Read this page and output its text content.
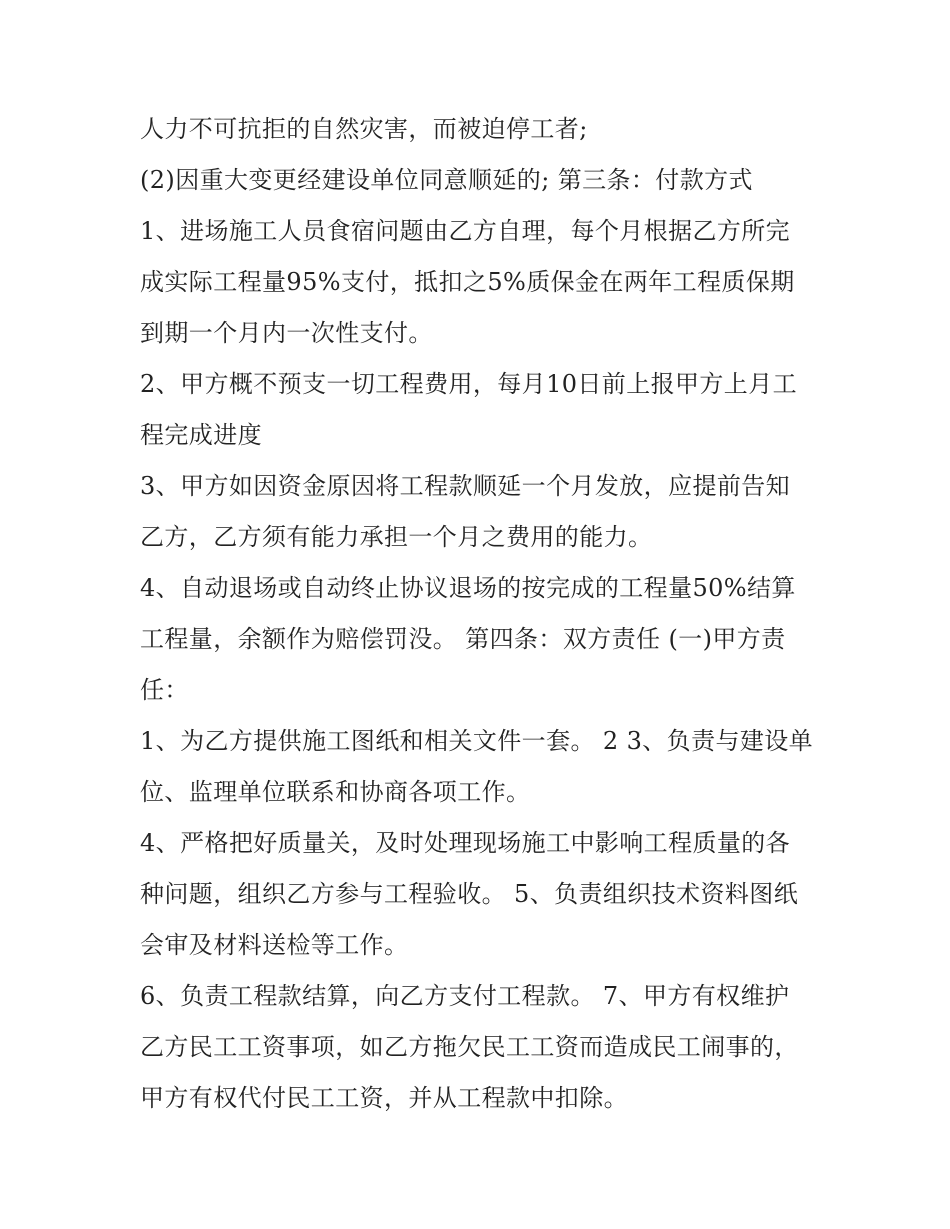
人力不可抗拒的自然灾害，而被迫停工者;

(2)因重大变更经建设单位同意顺延的; 第三条：付款方式

1、进场施工人员食宿问题由乙方自理，每个月根据乙方所完

成实际工程量95%支付，抵扣之5%质保金在两年工程质保期

到期一个月内一次性支付。

2、甲方概不预支一切工程费用，每月10日前上报甲方上月工

程完成进度

3、甲方如因资金原因将工程款顺延一个月发放，应提前告知

乙方，乙方须有能力承担一个月之费用的能力。

4、自动退场或自动终止协议退场的按完成的工程量50%结算

工程量，余额作为赔偿罚没。 第四条：双方责任 (一)甲方责

任：

1、为乙方提供施工图纸和相关文件一套。 2 3、负责与建设单

位、监理单位联系和协商各项工作。

4、严格把好质量关，及时处理现场施工中影响工程质量的各

种问题，组织乙方参与工程验收。 5、负责组织技术资料图纸

会审及材料送检等工作。

6、负责工程款结算，向乙方支付工程款。 7、甲方有权维护

乙方民工工资事项，如乙方拖欠民工工资而造成民工闹事的，

甲方有权代付民工工资，并从工程款中扣除。
